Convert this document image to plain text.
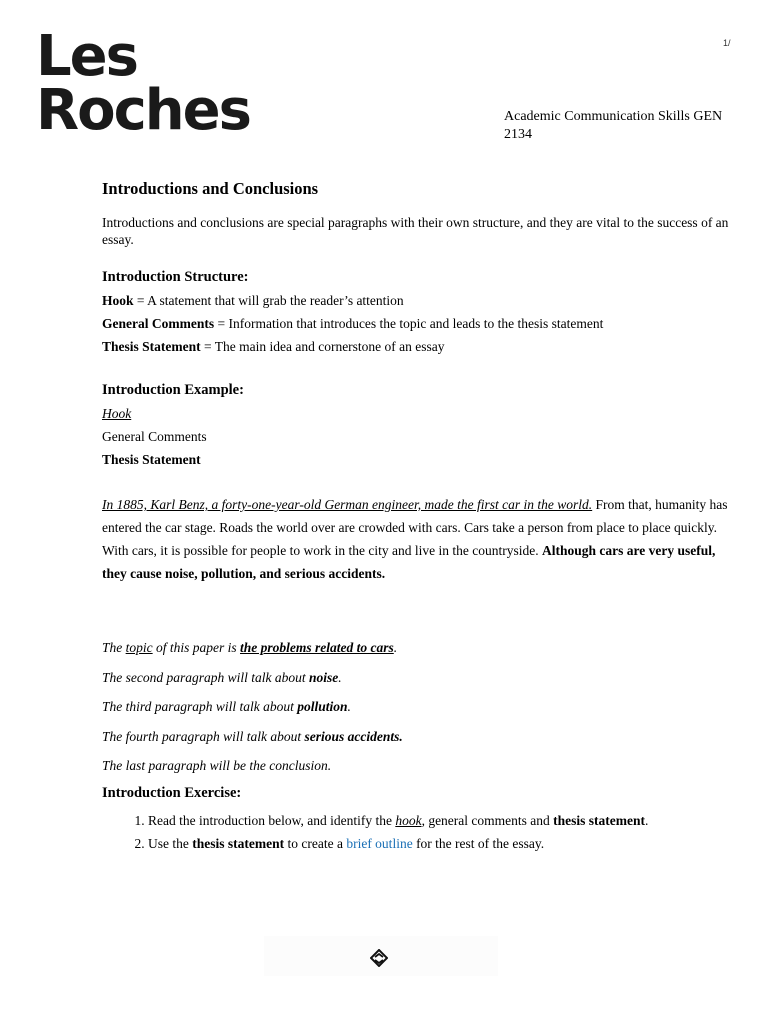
1/
Les
Roches	Academic Communication Skills GEN 2134
Introductions and Conclusions

Introductions and conclusions are special paragraphs with their own structure, and they are vital to the success of an essay.

Introduction Structure:

Hook = A statement that will grab the reader’s attention

General Comments = Information that introduces the topic and leads to the thesis statement

Thesis Statement = The main idea and cornerstone of an essay

Introduction Example:

Hook

General Comments

Thesis Statement

In 1885, Karl Benz, a forty-one-year-old German engineer, made the first car in the world. From that, humanity has entered the car stage. Roads the world over are crowded with cars. Cars take a person from place to place quickly. With cars, it is possible for people to work in the city and live in the countryside. Although cars are very useful, they cause noise, pollution, and serious accidents.

The topic of this paper is the problems related to cars.

The second paragraph will talk about noise.

The third paragraph will talk about pollution.

The fourth paragraph will talk about serious accidents.

The last paragraph will be the conclusion.

Introduction Exercise:
1. Read the introduction below, and identify the hook, general comments and thesis statement.
2. Use the thesis statement to create a brief outline for the rest of the essay.
